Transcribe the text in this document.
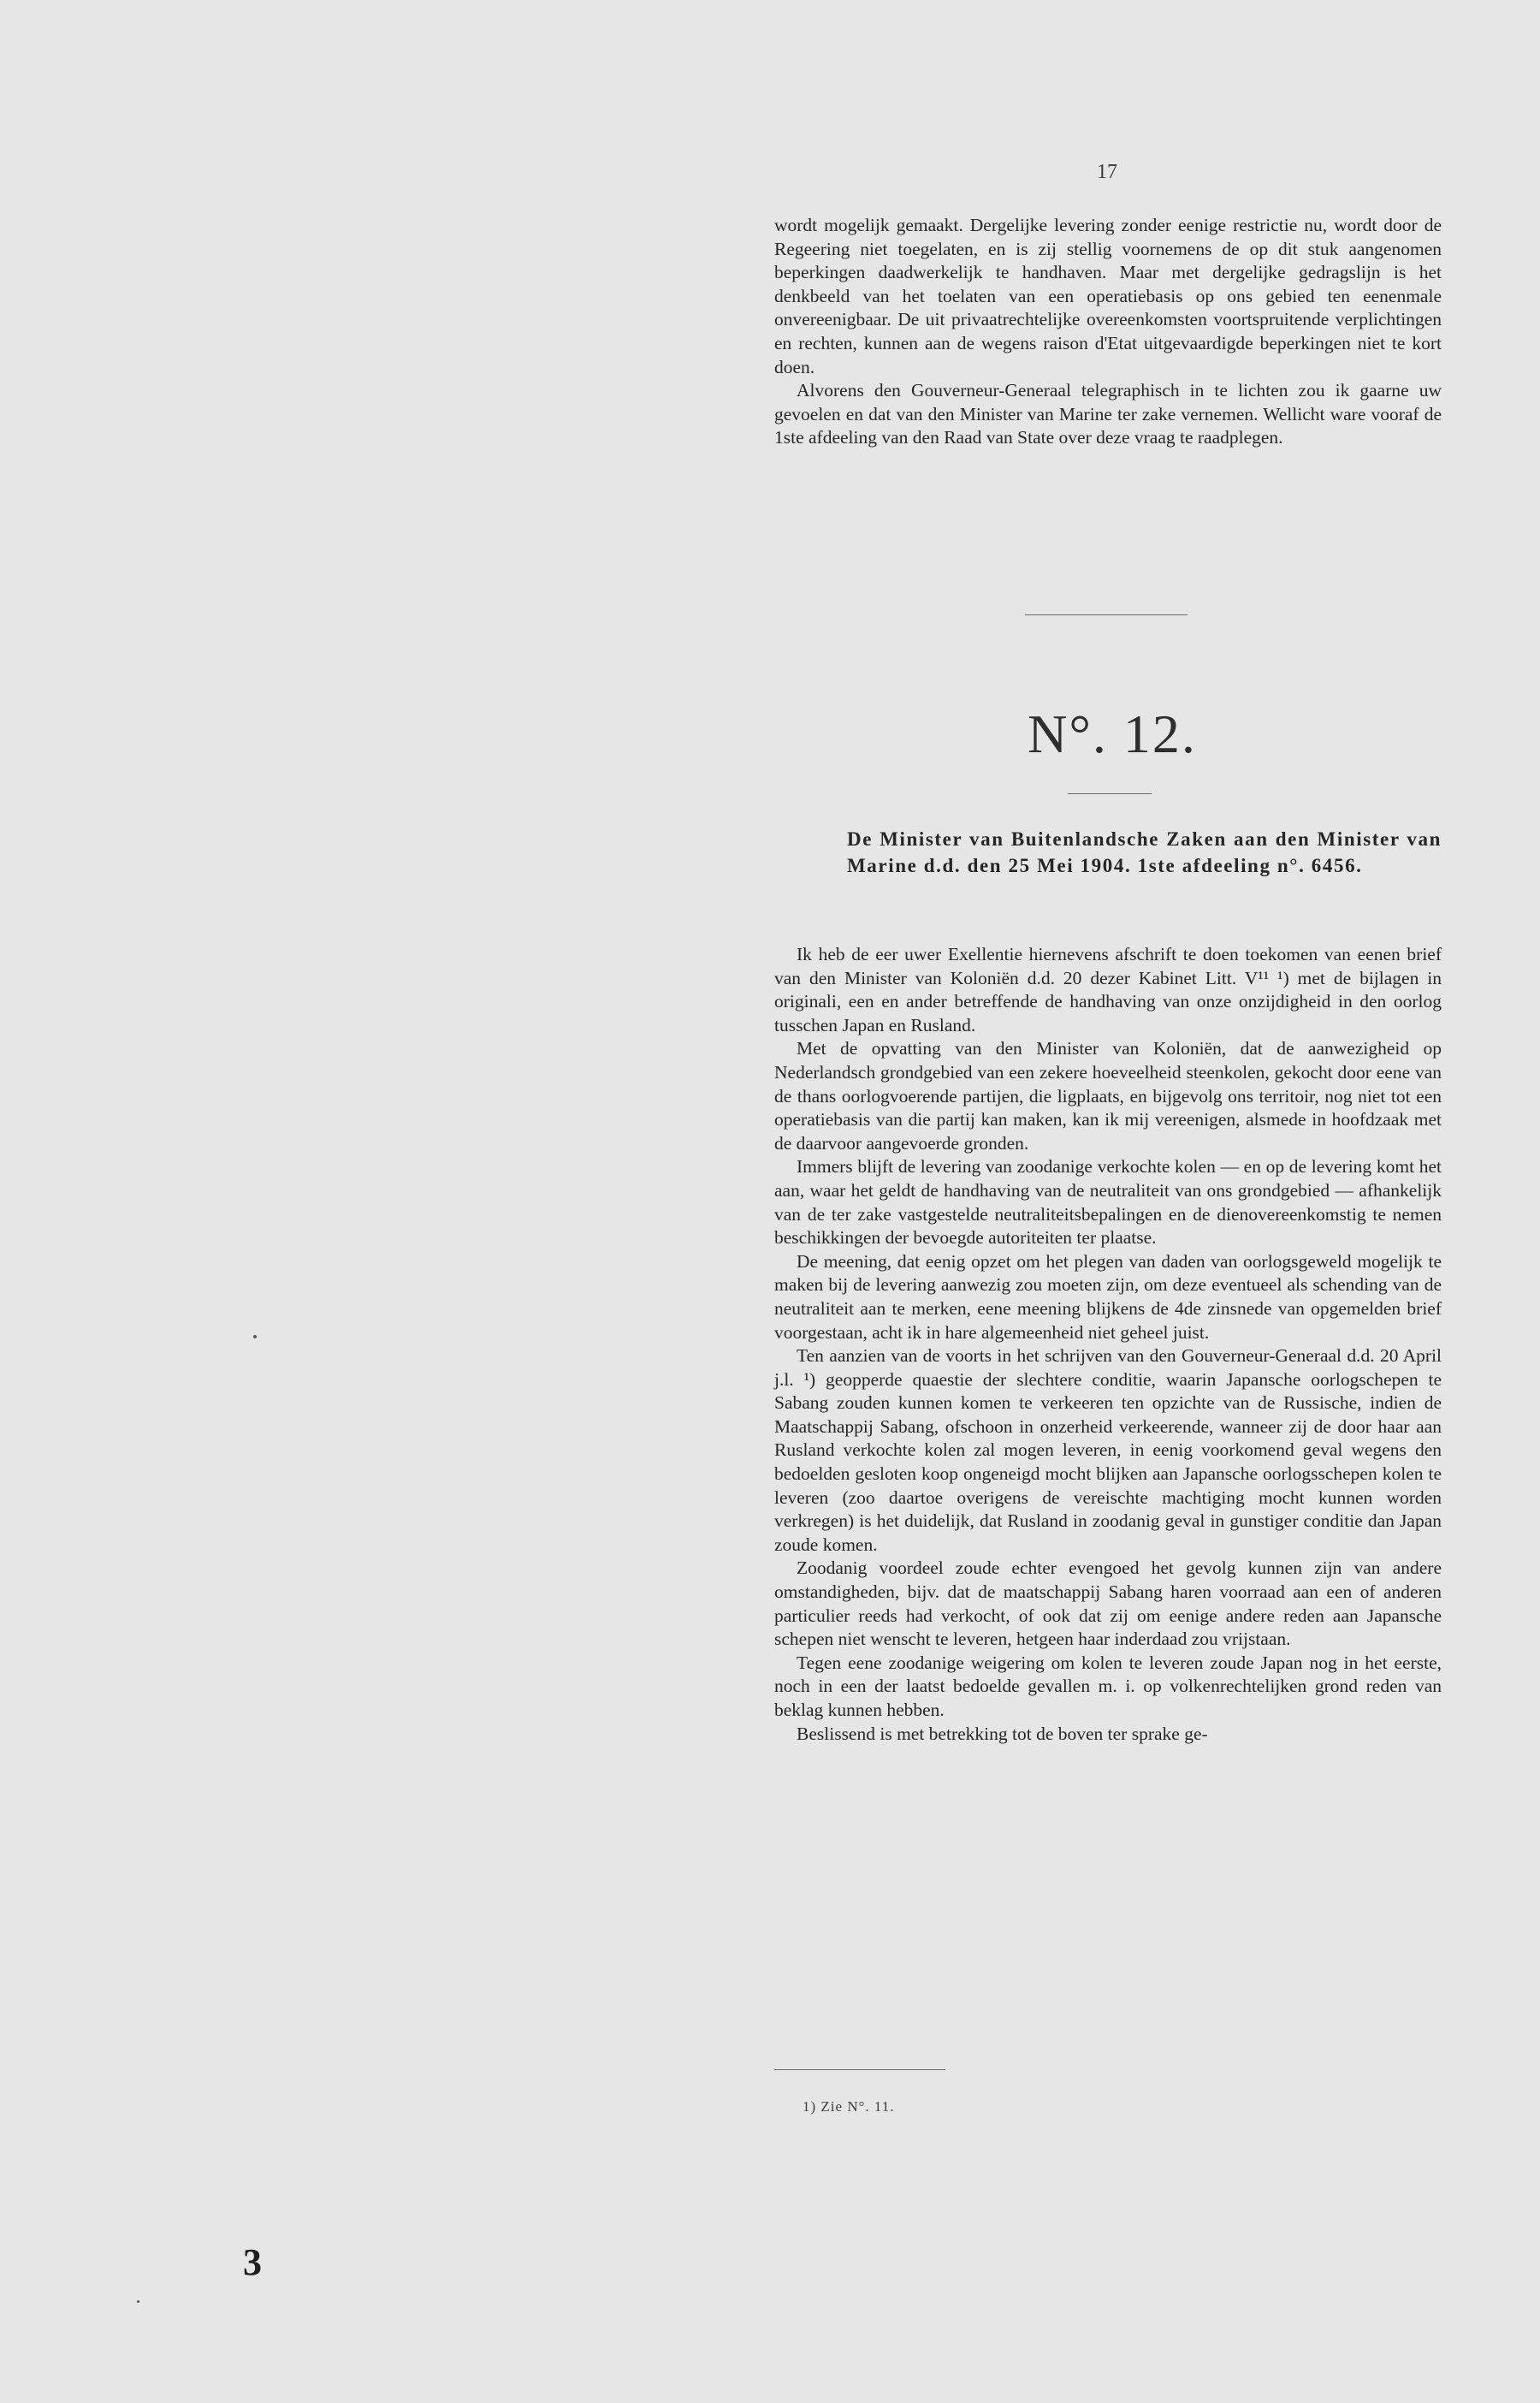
17

wordt mogelijk gemaakt. Dergelijke levering zonder eenige restrictie nu, wordt door de Regeering niet toegelaten, en is zij stellig voornemens de op dit stuk aangenomen beperkingen daadwerkelijk te handhaven. Maar met dergelijke gedragslijn is het denkbeeld van het toelaten van een operatiebasis op ons gebied ten eenenmale onvereenigbaar. De uit privaatrechtelijke overeenkomsten voortspruitende verplichtingen en rechten, kunnen aan de wegens raison d'Etat uitgevaardigde beperkingen niet te kort doen.

Alvorens den Gouverneur-Generaal telegraphisch in te lichten zou ik gaarne uw gevoelen en dat van den Minister van Marine ter zake vernemen. Wellicht ware vooraf de 1ste afdeeling van den Raad van State over deze vraag te raadplegen.

N°. 12.
De Minister van Buitenlandsche Zaken aan den Minister van Marine d.d. den 25 Mei 1904. 1ste afdeeling n°. 6456.

Ik heb de eer uwer Exellentie hiernevens afschrift te doen toekomen van eenen brief van den Minister van Koloniën d.d. 20 dezer Kabinet Litt. V¹¹ ¹) met de bijlagen in originali, een en ander betreffende de handhaving van onze onzijdigheid in den oorlog tusschen Japan en Rusland.

Met de opvatting van den Minister van Koloniën, dat de aanwezigheid op Nederlandsch grondgebied van een zekere hoeveelheid steenkolen, gekocht door eene van de thans oorlogvoerende partijen, die ligplaats, en bijgevolg ons territoir, nog niet tot een operatiebasis van die partij kan maken, kan ik mij vereenigen, alsmede in hoofdzaak met de daarvoor aangevoerde gronden.

Immers blijft de levering van zoodanige verkochte kolen — en op de levering komt het aan, waar het geldt de handhaving van de neutraliteit van ons grondgebied — afhankelijk van de ter zake vastgestelde neutraliteitsbepalingen en de dienovereenkomstig te nemen beschikkingen der bevoegde autoriteiten ter plaatse.

De meening, dat eenig opzet om het plegen van daden van oorlogsgeweld mogelijk te maken bij de levering aanwezig zou moeten zijn, om deze eventueel als schending van de neutraliteit aan te merken, eene meening blijkens de 4de zinsnede van opgemelden brief voorgestaan, acht ik in hare algemeenheid niet geheel juist.

Ten aanzien van de voorts in het schrijven van den Gouverneur-Generaal d.d. 20 April j.l. ¹) geopperde quaestie der slechtere conditie, waarin Japansche oorlogschepen te Sabang zouden kunnen komen te verkeeren ten opzichte van de Russische, indien de Maatschappij Sabang, ofschoon in onzerheid verkeerende, wanneer zij de door haar aan Rusland verkochte kolen zal mogen leveren, in eenig voorkomend geval wegens den bedoelden gesloten koop ongeneigd mocht blijken aan Japansche oorlogsschepen kolen te leveren (zoo daartoe overigens de vereischte machtiging mocht kunnen worden verkregen) is het duidelijk, dat Rusland in zoodanig geval in gunstiger conditie dan Japan zoude komen.

Zoodanig voordeel zoude echter evengoed het gevolg kunnen zijn van andere omstandigheden, bijv. dat de maatschappij Sabang haren voorraad aan een of anderen particulier reeds had verkocht, of ook dat zij om eenige andere reden aan Japansche schepen niet wenscht te leveren, hetgeen haar inderdaad zou vrijstaan.

Tegen eene zoodanige weigering om kolen te leveren zoude Japan nog in het eerste, noch in een der laatst bedoelde gevallen m. i. op volkenrechtelijken grond reden van beklag kunnen hebben.

Beslissend is met betrekking tot de boven ter sprake ge-

1) Zie N°. 11.
3
